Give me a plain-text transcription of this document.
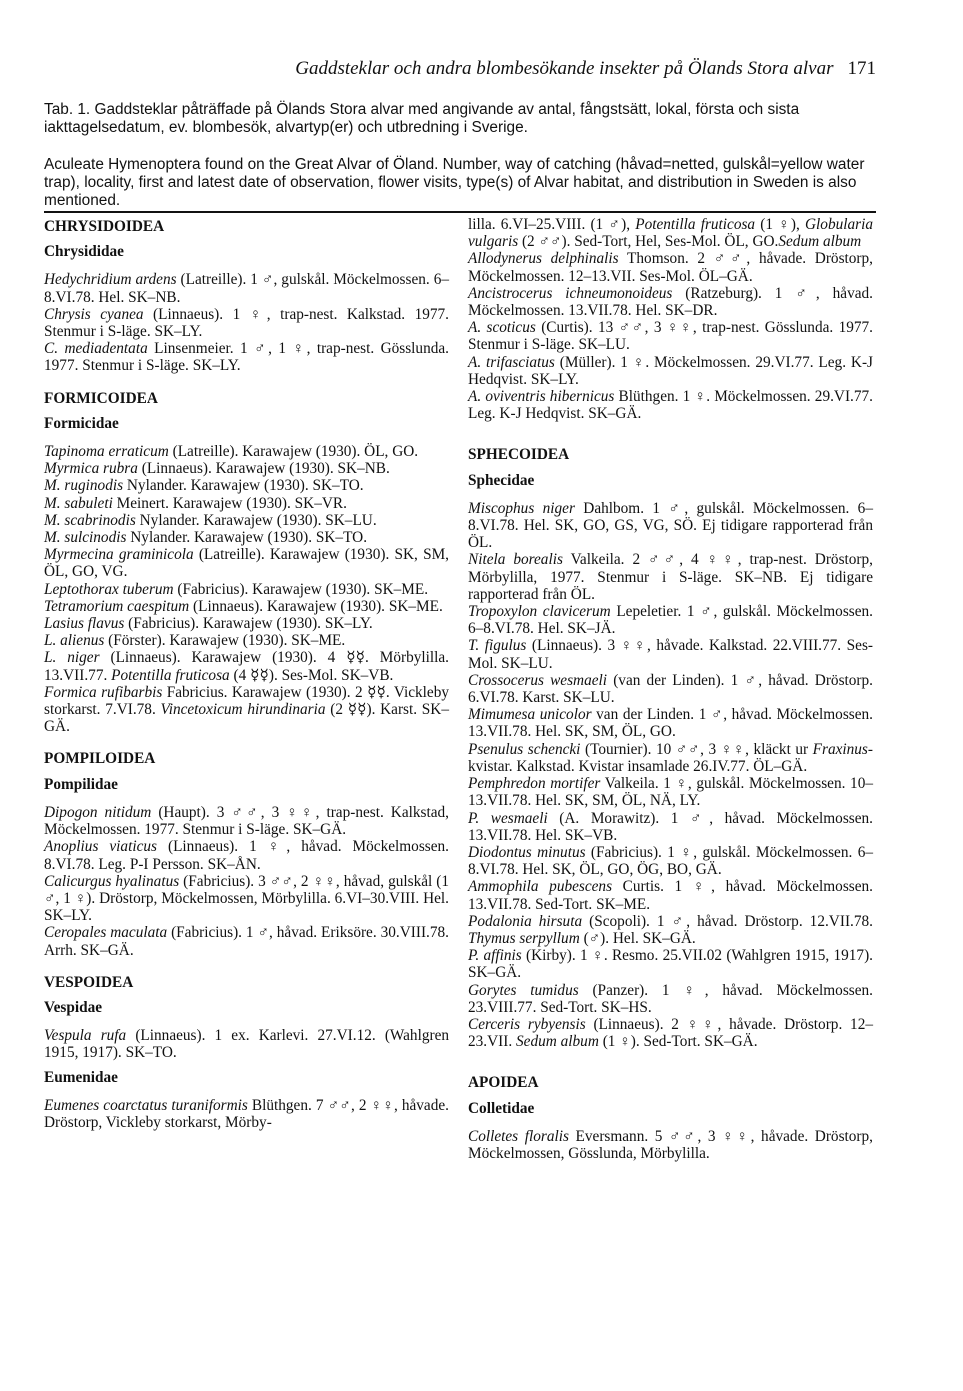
Gaddsteklar och andra blombesökande insekter på Ölands Stora alvar 171

Tab. 1. Gaddsteklar påträffade på Ölands Stora alvar med angivande av antal, fångstsätt, lokal, första och sista iakttagelsedatum, ev. blombesök, alvartyp(er) och utbredning i Sverige.

Aculeate Hymenoptera found on the Great Alvar of Öland. Number, way of catching (håvad=netted, gulskål=yellow water trap), locality, first and latest date of observation, flower visits, type(s) of Alvar habitat, and distribution in Sweden is also mentioned.

CHRYSIDOIDEA
Chrysididae

Hedychridium ardens (Latreille). 1 ♂, gulskål. Möckelmossen. 6–8.VI.78. Hel. SK–NB.

Chrysis cyanea (Linnaeus). 1 ♀, trap-nest. Kalkstad. 1977. Stenmur i S-läge. SK–LY.

C. mediadentata Linsenmeier. 1 ♂, 1 ♀, trap-nest. Gösslunda. 1977. Stenmur i S-läge. SK–LY.

FORMICOIDEA
Formicidae

Tapinoma erraticum (Latreille). Karawajew (1930). ÖL, GO.

Myrmica rubra (Linnaeus). Karawajew (1930). SK–NB.

M. ruginodis Nylander. Karawajew (1930). SK–TO.

M. sabuleti Meinert. Karawajew (1930). SK–VR.

M. scabrinodis Nylander. Karawajew (1930). SK–LU.

M. sulcinodis Nylander. Karawajew (1930). SK–TO.

Myrmecina graminicola (Latreille). Karawajew (1930). SK, SM, ÖL, GO, VG.

Leptothorax tuberum (Fabricius). Karawajew (1930). SK–ME.

Tetramorium caespitum (Linnaeus). Karawajew (1930). SK–ME.

Lasius flavus (Fabricius). Karawajew (1930). SK–LY.

L. alienus (Förster). Karawajew (1930). SK–ME.

L. niger (Linnaeus). Karawajew (1930). 4 ☿☿. Mörbylilla. 13.VII.77. Potentilla fruticosa (4 ☿☿). Ses-Mol. SK–VB.

Formica rufibarbis Fabricius. Karawajew (1930). 2 ☿☿. Vickleby storkarst. 7.VI.78. Vincetoxicum hirundinaria (2 ☿☿). Karst. SK–GÄ.

POMPILOIDEA
Pompilidae

Dipogon nitidum (Haupt). 3 ♂♂, 3 ♀♀, trap-nest. Kalkstad, Möckelmossen. 1977. Stenmur i S-läge. SK–GÄ.

Anoplius viaticus (Linnaeus). 1 ♀, håvad. Möckelmossen. 8.VI.78. Leg. P-I Persson. SK–ÅN.

Calicurgus hyalinatus (Fabricius). 3 ♂♂, 2 ♀♀, håvad, gulskål (1 ♂, 1 ♀). Dröstorp, Möckelmossen, Mörbylilla. 6.VI–30.VIII. Hel. SK–LY.

Ceropales maculata (Fabricius). 1 ♂, håvad. Eriksöre. 30.VIII.78. Arrh. SK–GÄ.

VESPOIDEA
Vespidae

Vespula rufa (Linnaeus). 1 ex. Karlevi. 27.VI.12. (Wahlgren 1915, 1917). SK–TO.

Eumenidae

Eumenes coarctatus turaniformis Blüthgen. 7 ♂♂, 2 ♀♀, håvade. Dröstorp, Vickleby storkarst, Mörby-

lilla. 6.VI–25.VIII. (1 ♂), Potentilla fruticosa (1 ♀), Globularia vulgaris (2 ♂♂). Sed-Tort, Hel, Ses-Mol. ÖL, GO.Sedum album

Allodynerus delphinalis Thomson. 2 ♂♂, håvade. Dröstorp, Möckelmossen. 12–13.VII. Ses-Mol. ÖL–GÄ.

Ancistrocerus ichneumonoideus (Ratzeburg). 1 ♂, håvad. Möckelmossen. 13.VII.78. Hel. SK–DR.

A. scoticus (Curtis). 13 ♂♂, 3 ♀♀, trap-nest. Gösslunda. 1977. Stenmur i S-läge. SK–LU.

A. trifasciatus (Müller). 1 ♀. Möckelmossen. 29.VI.77. Leg. K-J Hedqvist. SK–LY.

A. oviventris hibernicus Blüthgen. 1 ♀. Möckelmossen. 29.VI.77. Leg. K-J Hedqvist. SK–GÄ.

SPHECOIDEA
Sphecidae

Miscophus niger Dahlbom. 1 ♂, gulskål. Möckelmossen. 6–8.VI.78. Hel. SK, GO, GS, VG, SÖ. Ej tidigare rapporterad från ÖL.

Nitela borealis Valkeila. 2 ♂♂, 4 ♀♀, trap-nest. Dröstorp, Mörbylilla, 1977. Stenmur i S-läge. SK–NB. Ej tidigare rapporterad från ÖL.

Tropoxylon clavicerum Lepeletier. 1 ♂, gulskål. Möckelmossen. 6–8.VI.78. Hel. SK–JÄ.

T. figulus (Linnaeus). 3 ♀♀, håvade. Kalkstad. 22.VIII.77. Ses-Mol. SK–LU.

Crossocerus wesmaeli (van der Linden). 1 ♂, håvad. Dröstorp. 6.VI.78. Karst. SK–LU.

Mimumesa unicolor van der Linden. 1 ♂, håvad. Möckelmossen. 13.VII.78. Hel. SK, SM, ÖL, GO.

Psenulus schencki (Tournier). 10 ♂♂, 3 ♀♀, kläckt ur Fraxinus-kvistar. Kalkstad. Kvistar insamlade 26.IV.77. ÖL–GÄ.

Pemphredon mortifer Valkeila. 1 ♀, gulskål. Möckelmossen. 10–13.VII.78. Hel. SK, SM, ÖL, NÄ, LY.

P. wesmaeli (A. Morawitz). 1 ♂, håvad. Möckelmossen. 13.VII.78. Hel. SK–VB.

Diodontus minutus (Fabricius). 1 ♀, gulskål. Möckelmossen. 6–8.VI.78. Hel. SK, ÖL, GO, ÖG, BO, GÄ.

Ammophila pubescens Curtis. 1 ♀, håvad. Möckelmossen. 13.VII.78. Sed-Tort. SK–ME.

Podalonia hirsuta (Scopoli). 1 ♂, håvad. Dröstorp. 12.VII.78. Thymus serpyllum (♂). Hel. SK–GÄ.

P. affinis (Kirby). 1 ♀. Resmo. 25.VII.02 (Wahlgren 1915, 1917). SK–GÄ.

Gorytes tumidus (Panzer). 1 ♀, håvad. Möckelmossen. 23.VIII.77. Sed-Tort. SK–HS.

Cerceris rybyensis (Linnaeus). 2 ♀♀, håvade. Dröstorp. 12–23.VII. Sedum album (1 ♀). Sed-Tort. SK–GÄ.

APOIDEA
Colletidae

Colletes floralis Eversmann. 5 ♂♂, 3 ♀♀, håvade. Dröstorp, Möckelmossen, Gösslunda, Mörbylilla.
